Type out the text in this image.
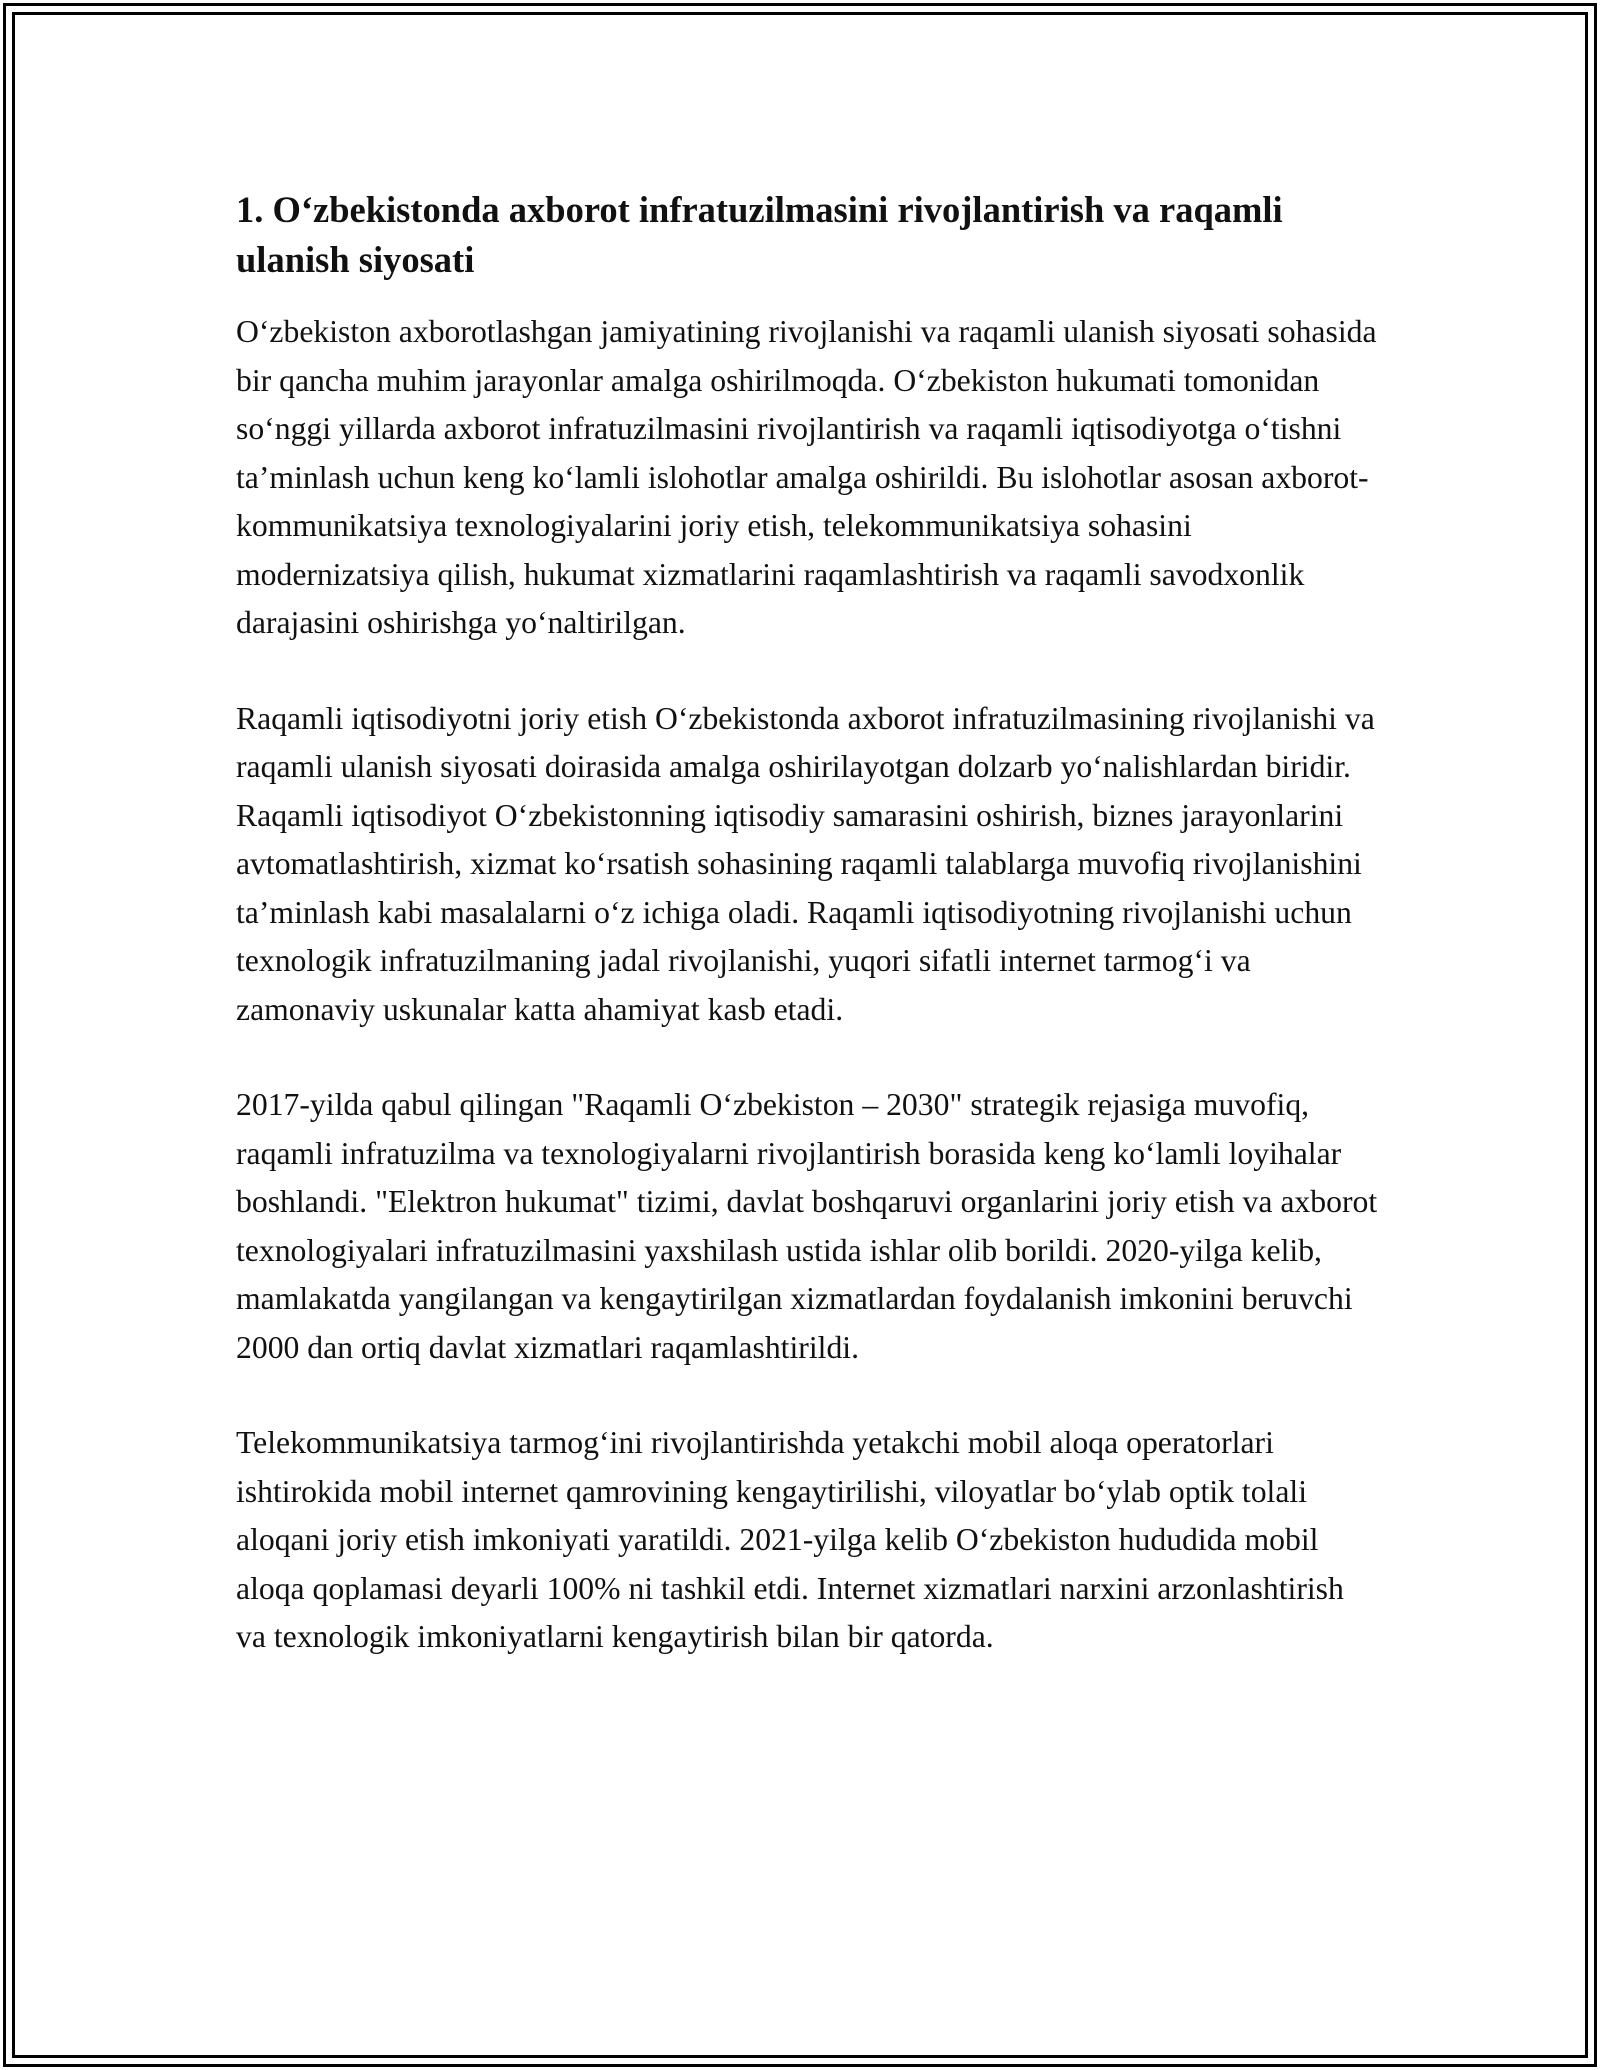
1. O‘zbekistonda axborot infratuzilmasini rivojlantirish va raqamli ulanish siyosati

O‘zbekiston axborotlashgan jamiyatining rivojlanishi va raqamli ulanish siyosati sohasida bir qancha muhim jarayonlar amalga oshirilmoqda. O‘zbekiston hukumati tomonidan so‘nggi yillarda axborot infratuzilmasini rivojlantirish va raqamli iqtisodiyotga o‘tishni ta’minlash uchun keng ko‘lamli islohotlar amalga oshirildi. Bu islohotlar asosan axborot-kommunikatsiya texnologiyalarini joriy etish, telekommunikatsiya sohasini modernizatsiya qilish, hukumat xizmatlarini raqamlashtirish va raqamli savodxonlik darajasini oshirishga yo‘naltirilgan.

Raqamli iqtisodiyotni joriy etish O‘zbekistonda axborot infratuzilmasining rivojlanishi va raqamli ulanish siyosati doirasida amalga oshirilayotgan dolzarb yo‘nalishlardan biridir. Raqamli iqtisodiyot O‘zbekistonning iqtisodiy samarasini oshirish, biznes jarayonlarini avtomatlashtirish, xizmat ko‘rsatish sohasining raqamli talablarga muvofiq rivojlanishini ta’minlash kabi masalalarni o‘z ichiga oladi. Raqamli iqtisodiyotning rivojlanishi uchun texnologik infratuzilmaning jadal rivojlanishi, yuqori sifatli internet tarmog‘i va zamonaviy uskunalar katta ahamiyat kasb etadi.

2017-yilda qabul qilingan "Raqamli O‘zbekiston – 2030" strategik rejasiga muvofiq, raqamli infratuzilma va texnologiyalarni rivojlantirish borasida keng ko‘lamli loyihalar boshlandi. "Elektron hukumat" tizimi, davlat boshqaruvi organlarini joriy etish va axborot texnologiyalari infratuzilmasini yaxshilash ustida ishlar olib borildi. 2020-yilga kelib, mamlakatda yangilangan va kengaytirilgan xizmatlardan foydalanish imkonini beruvchi 2000 dan ortiq davlat xizmatlari raqamlashtirildi.

Telekommunikatsiya tarmog‘ini rivojlantirishda yetakchi mobil aloqa operatorlari ishtirokida mobil internet qamrovining kengaytirilishi, viloyatlar bo‘ylab optik tolali aloqani joriy etish imkoniyati yaratildi. 2021-yilga kelib O‘zbekiston hududida mobil aloqa qoplamasi deyarli 100% ni tashkil etdi. Internet xizmatlari narxini arzonlashtirish va texnologik imkoniyatlarni kengaytirish bilan bir qatorda.
